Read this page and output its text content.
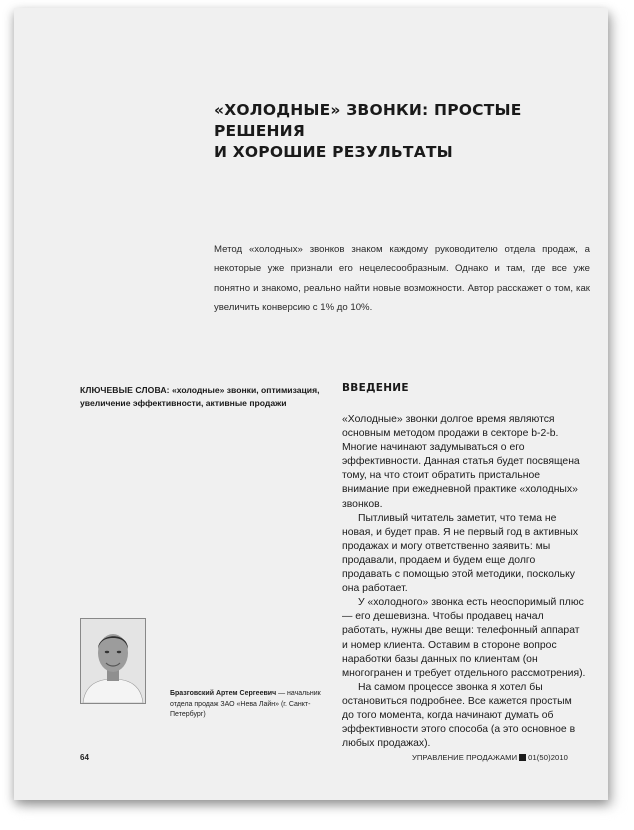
«ХОЛОДНЫЕ» ЗВОНКИ: ПРОСТЫЕ РЕШЕНИЯ
И ХОРОШИЕ РЕЗУЛЬТАТЫ
Метод «холодных» звонков знаком каждому руководителю отдела продаж, а некоторые уже признали его нецелесообразным. Однако и там, где все уже понятно и знакомо, реально найти новые возможности. Автор расскажет о том, как увеличить конверсию с 1% до 10%.
КЛЮЧЕВЫЕ СЛОВА: «холодные» звонки, оптимизация, увеличение эффективности, активные продажи
ВВЕДЕНИЕ

«Холодные» звонки долгое время являются основным методом продажи в секторе b-2-b. Многие начинают задумываться о его эффективности. Данная статья будет посвящена тому, на что стоит обратить пристальное внимание при ежедневной практике «холодных» звонков.

Пытливый читатель заметит, что тема не новая, и будет прав. Я не первый год в активных продажах и могу ответственно заявить: мы продавали, продаем и будем еще долго продавать с помощью этой методики, поскольку она работает.

У «холодного» звонка есть неоспоримый плюс — его дешевизна. Чтобы продавец начал работать, нужны две вещи: телефонный аппарат и номер клиента. Оставим в стороне вопрос наработки базы данных по клиентам (он многогранен и требует отдельного рассмотрения).

На самом процессе звонка я хотел бы остановиться подробнее. Все кажется простым до того момента, когда начинают думать об эффективности этого способа (а это основное в любых продажах).

Бразговский Артем Сергеевич — начальник отдела продаж ЗАО «Нева Лайн» (г. Санкт-Петербург)
64	УПРАВЛЕНИЕ ПРОДАЖАМИ 01(50)2010
